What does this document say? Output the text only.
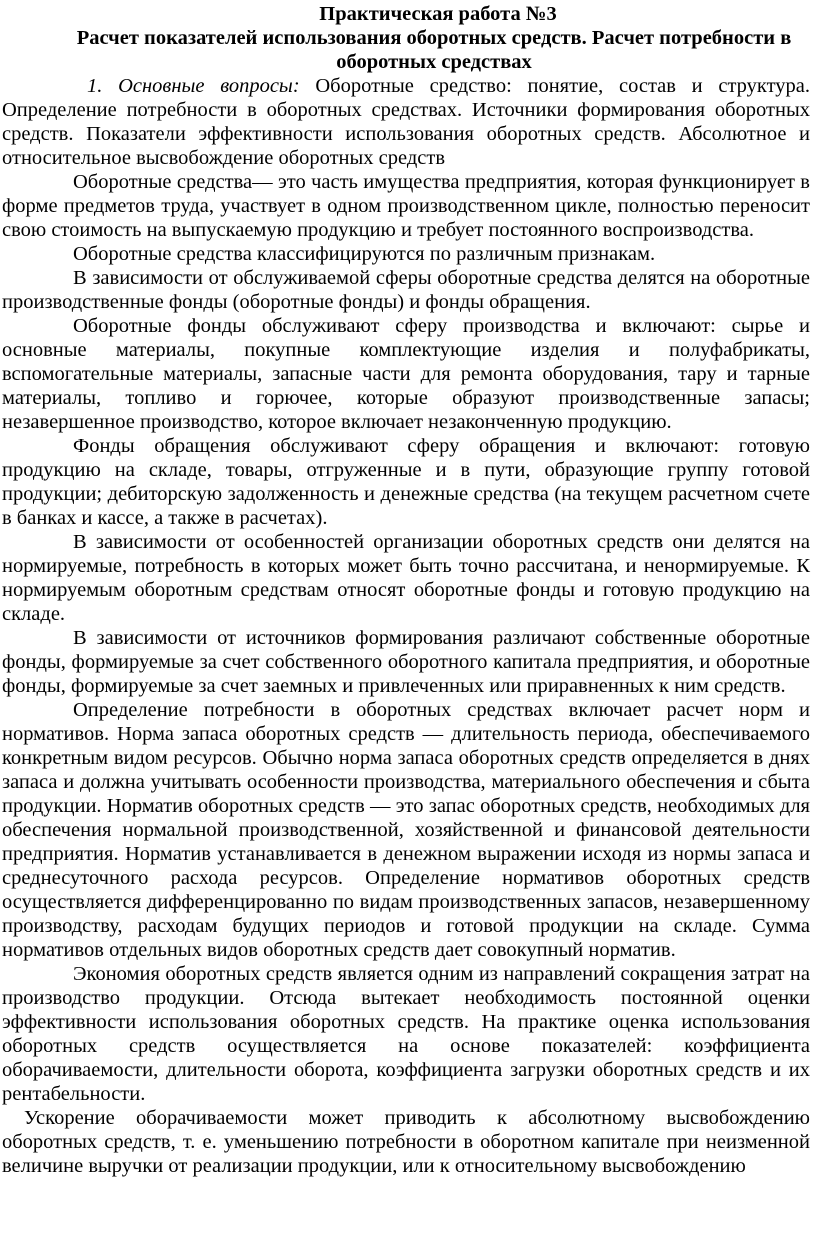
Практическая работа №3
Расчет показателей использования оборотных средств. Расчет потребности в оборотных средствах

1. Основные вопросы: Оборотные средство: понятие, состав и структура. Определение потребности в оборотных средствах. Источники формирования оборотных средств. Показатели эффективности использования оборотных средств. Абсолютное и относительное высвобождение оборотных средств

Оборотные средства— это часть имущества предприятия, которая функционирует в форме предметов труда, участвует в одном производственном цикле, полностью переносит свою стоимость на выпускаемую продукцию и требует постоянного воспроизводства.

Оборотные средства классифицируются по различным признакам.

В зависимости от обслуживаемой сферы оборотные средства делятся на оборотные производственные фонды (оборотные фонды) и фонды обращения.

Оборотные фонды обслуживают сферу производства и включают: сырье и основные материалы, покупные комплектующие изделия и полуфабрикаты, вспомогательные материалы, запасные части для ремонта оборудования, тару и тарные материалы, топливо и горючее, которые образуют производственные запасы; незавершенное производство, которое включает незаконченную продукцию.

Фонды обращения обслуживают сферу обращения и включают: готовую продукцию на складе, товары, отгруженные и в пути, образующие группу готовой продукции; дебиторскую задолженность и денежные средства (на текущем расчетном счете в банках и кассе, а также в расчетах).

В зависимости от особенностей организации оборотных средств они делятся на нормируемые, потребность в которых может быть точно рассчитана, и ненормируемые. К нормируемым оборотным средствам относят оборотные фонды и готовую продукцию на складе.

В зависимости от источников формирования различают собственные оборотные фонды, формируемые за счет собственного оборотного капитала предприятия, и оборотные фонды, формируемые за счет заемных и привлеченных или приравненных к ним средств.

Определение потребности в оборотных средствах включает расчет норм и нормативов. Норма запаса оборотных средств — длительность периода, обеспечиваемого конкретным видом ресурсов. Обычно норма запаса оборотных средств определяется в днях запаса и должна учитывать особенности производства, материального обеспечения и сбыта продукции. Норматив оборотных средств — это запас оборотных средств, необходимых для обеспечения нормальной производственной, хозяйственной и финансовой деятельности предприятия. Норматив устанавливается в денежном выражении исходя из нормы запаса и среднесуточного расхода ресурсов. Определение нормативов оборотных средств осуществляется дифференцированно по видам производственных запасов, незавершенному производству, расходам будущих периодов и готовой продукции на складе. Сумма нормативов отдельных видов оборотных средств дает совокупный норматив.

Экономия оборотных средств является одним из направлений сокращения затрат на производство продукции. Отсюда вытекает необходимость постоянной оценки эффективности использования оборотных средств. На практике оценка использования оборотных средств осуществляется на основе показателей: коэффициента оборачиваемости, длительности оборота, коэффициента загрузки оборотных средств и их рентабельности.

Ускорение оборачиваемости может приводить к абсолютному высвобождению оборотных средств, т. е. уменьшению потребности в оборотном капитале при неизменной величине выручки от реализации продукции, или к относительному высвобождению
